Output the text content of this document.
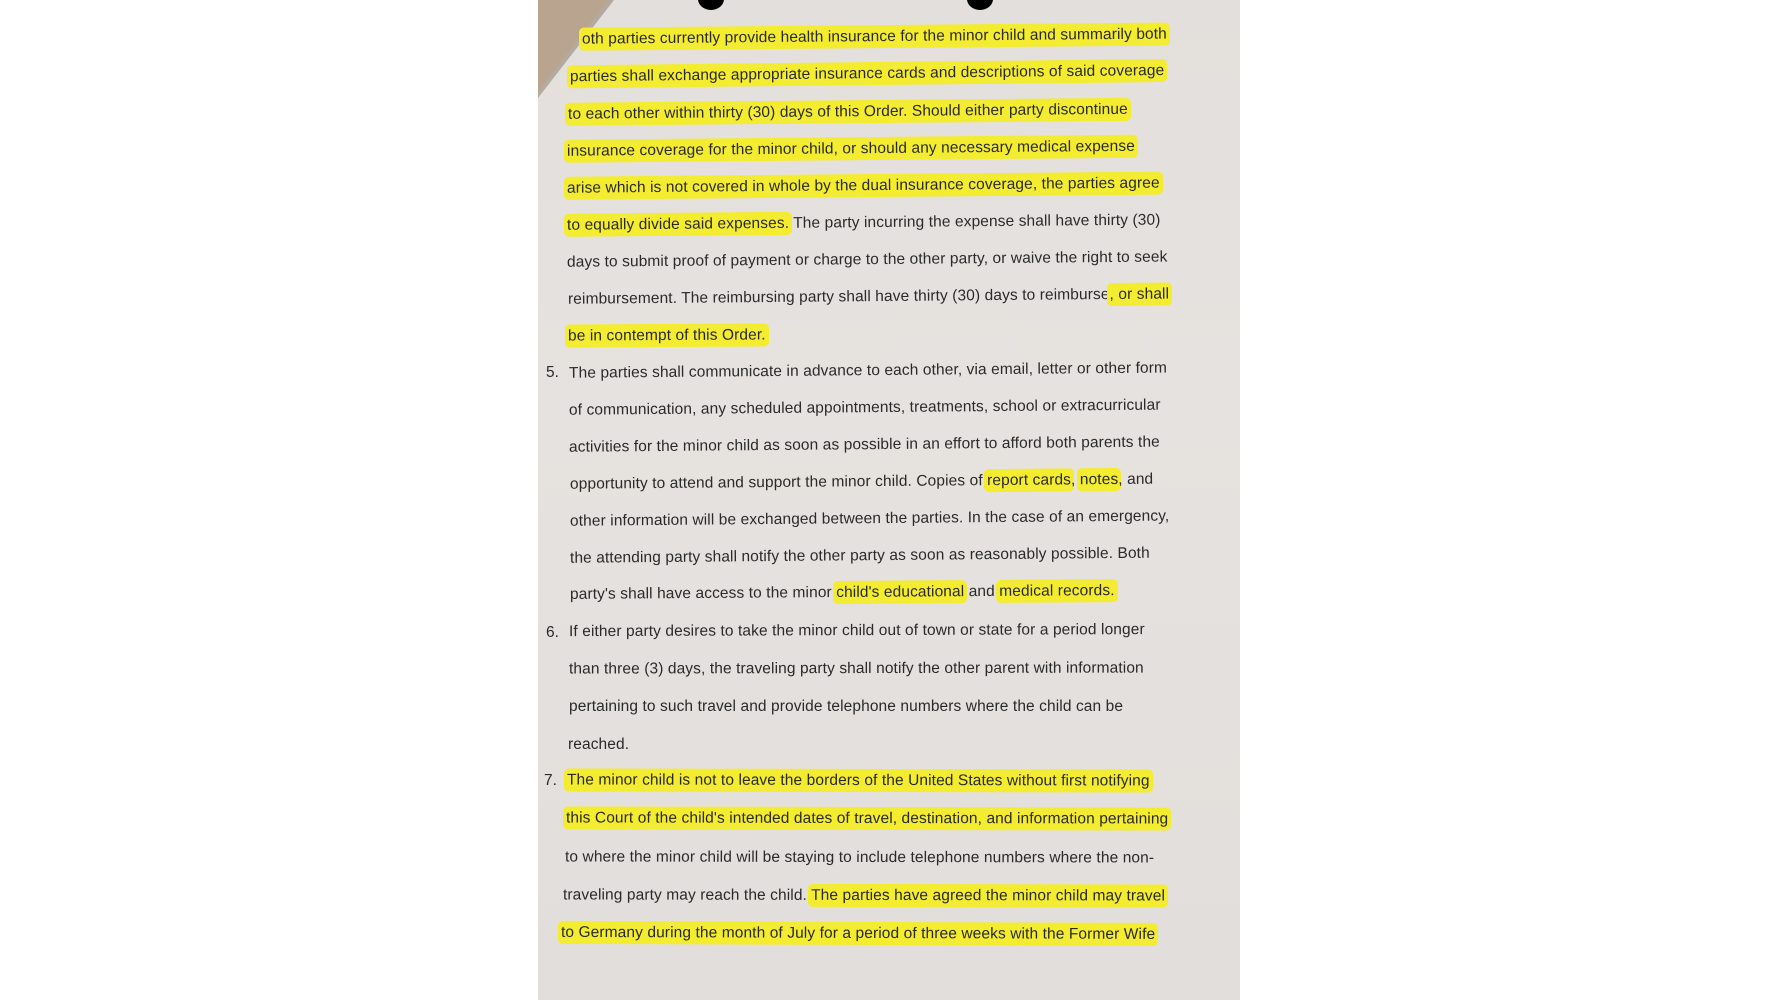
oth parties currently provide health insurance for the minor child and summarily both
parties shall exchange appropriate insurance cards and descriptions of said coverage
to each other within thirty (30) days of this Order. Should either party discontinue
insurance coverage for the minor child, or should any necessary medical expense
arise which is not covered in whole by the dual insurance coverage, the parties agree
to equally divide said expenses. The party incurring the expense shall have thirty (30)
days to submit proof of payment or charge to the other party, or waive the right to seek
reimbursement. The reimbursing party shall have thirty (30) days to reimburse, or shall
be in contempt of this Order.
5. The parties shall communicate in advance to each other, via email, letter or other form
of communication, any scheduled appointments, treatments, school or extracurricular
activities for the minor child as soon as possible in an effort to afford both parents the
opportunity to attend and support the minor child. Copies of report cards, notes, and
other information will be exchanged between the parties. In the case of an emergency,
the attending party shall notify the other party as soon as reasonably possible. Both
party's shall have access to the minor child's educational and medical records.
6. If either party desires to take the minor child out of town or state for a period longer
than three (3) days, the traveling party shall notify the other parent with information
pertaining to such travel and provide telephone numbers where the child can be
reached.
7. The minor child is not to leave the borders of the United States without first notifying
this Court of the child's intended dates of travel, destination, and information pertaining
to where the minor child will be staying to include telephone numbers where the non-
traveling party may reach the child. The parties have agreed the minor child may travel
to Germany during the month of July for a period of three weeks with the Former Wife
